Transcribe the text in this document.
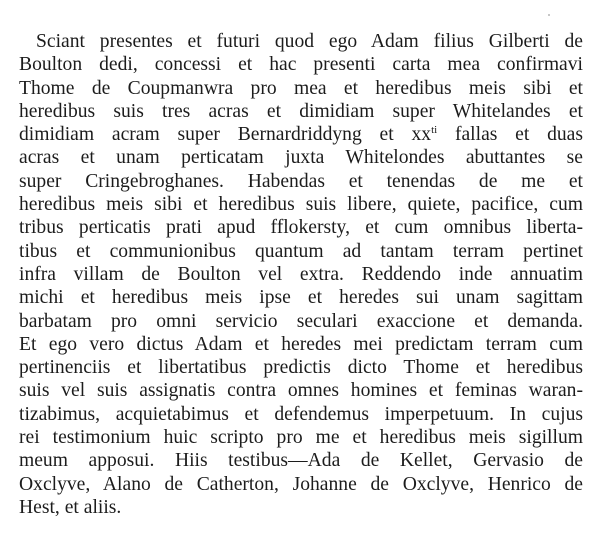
Sciant presentes et futuri quod ego Adam filius Gilberti de
Boulton dedi, concessi et hac presenti carta mea confirmavi
Thome de Coupmanwra pro mea et heredibus meis sibi et
heredibus suis tres acras et dimidiam super Whitelandes et
dimidiam acram super Bernardriddyng et $xx^{ti}$ fallas et duas
acras et unam perticatam juxta Whitelondes abuttantes se
super Cringebroghanes. Habendas et tenendas de me et
heredibus meis sibi et heredibus suis libere, quiete, pacifice, cum
tribus perticatis prati apud fflokersty, et cum omnibus liberta-
tibus et communionibus quantum ad tantam terram pertinet
infra villam de Boulton vel extra. Reddendo inde annuatim
michi et heredibus meis ipse et heredes sui unam sagittam
barbatam pro omni servicio seculari exaccione et demanda.
Et ego vero dictus Adam et heredes mei predictam terram cum
pertinenciis et libertatibus predictis dicto Thome et heredibus
suis vel suis assignatis contra omnes homines et feminas waran-
tizabimus, acquietabimus et defendemus imperpetuum. In cujus
rei testimonium huic scripto pro me et heredibus meis sigillum
meum apposui. Hiis testibus—Ada de Kellet, Gervasio de
Oxclyve, Alano de Catherton, Johanne de Oxclyve, Henrico de
Hest, et aliis.
